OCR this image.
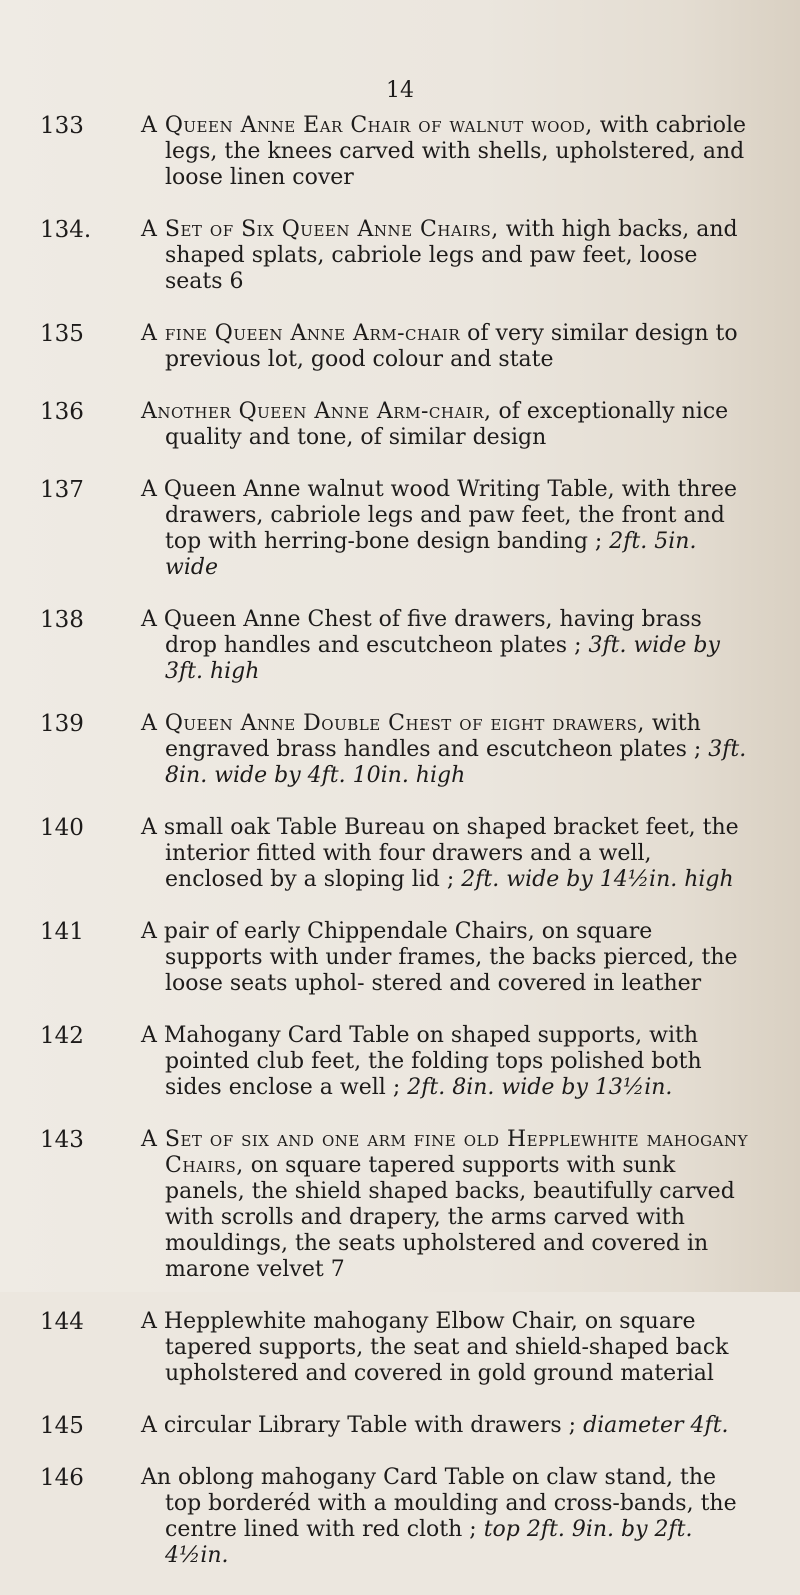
14
133	A Queen Anne Ear Chair of walnut wood, with cabriole legs, the knees carved with shells, upholstered, and loose linen cover
134.	A Set of Six Queen Anne Chairs, with high backs, and shaped splats, cabriole legs and paw feet, loose seats 6
135	A fine Queen Anne Arm-chair of very similar design to previous lot, good colour and state
136	Another Queen Anne Arm-chair, of exceptionally nice quality and tone, of similar design
137	A Queen Anne walnut wood Writing Table, with three drawers, cabriole legs and paw feet, the front and top with herring-bone design banding ; 2ft. 5in. wide
138	A Queen Anne Chest of five drawers, having brass drop handles and escutcheon plates ; 3ft. wide by 3ft. high
139	A Queen Anne Double Chest of eight drawers, with engraved brass handles and escutcheon plates ; 3ft. 8in. wide by 4ft. 10in. high
140	A small oak Table Bureau on shaped bracket feet, the interior fitted with four drawers and a well, enclosed by a sloping lid ; 2ft. wide by 14½in. high
141	A pair of early Chippendale Chairs, on square supports with under frames, the backs pierced, the loose seats uphol- stered and covered in leather
142	A Mahogany Card Table on shaped supports, with pointed club feet, the folding tops polished both sides enclose a well ; 2ft. 8in. wide by 13½in.
143	A Set of six and one arm fine old Hepplewhite mahogany Chairs, on square tapered supports with sunk panels, the shield shaped backs, beautifully carved with scrolls and drapery, the arms carved with mouldings, the seats upholstered and covered in marone velvet 7
144	A Hepplewhite mahogany Elbow Chair, on square tapered supports, the seat and shield-shaped back upholstered and covered in gold ground material
145	A circular Library Table with drawers ; diameter 4ft.
146	An oblong mahogany Card Table on claw stand, the top borderéd with a moulding and cross-bands, the centre lined with red cloth ; top 2ft. 9in. by 2ft. 4½in.
